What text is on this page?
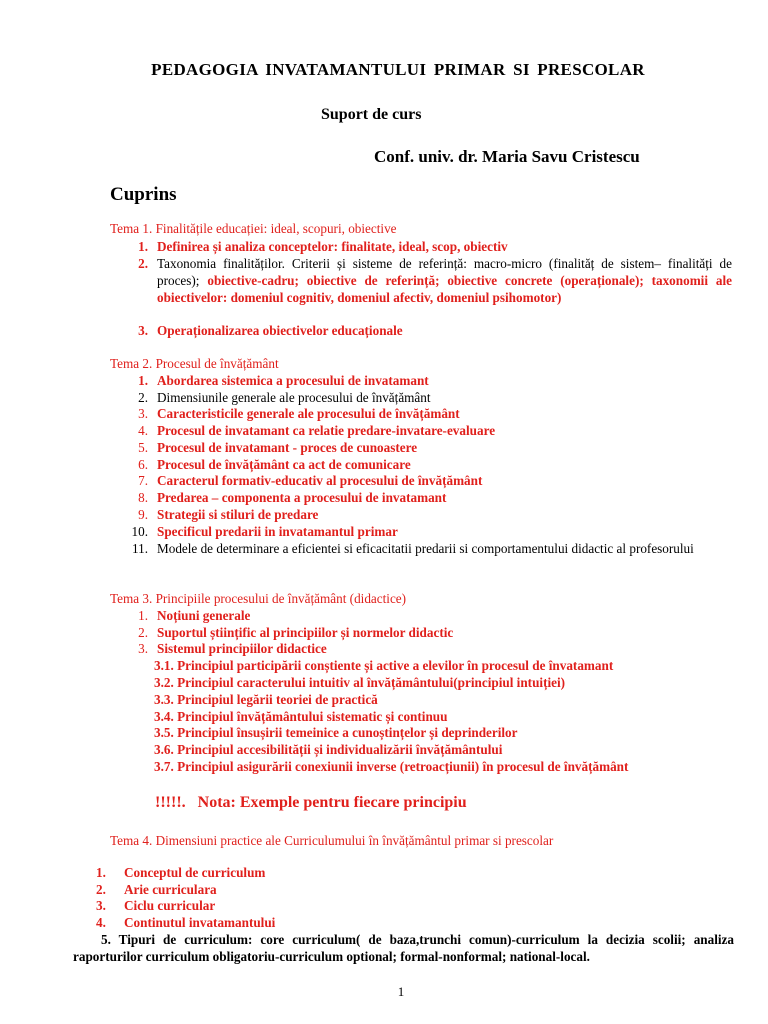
PEDAGOGIA INVATAMANTULUI PRIMAR SI PRESCOLAR
Suport de curs
Conf. univ. dr. Maria Savu Cristescu
Cuprins
Tema 1. Finalitățile educației: ideal, scopuri, obiective
1. Definirea și analiza conceptelor: finalitate, ideal, scop, obiectiv
2. Taxonomia finalităților. Criterii și sisteme de referință: macro-micro (finalităț de sistem– finalități de proces); obiective-cadru; obiective de referință; obiective concrete (operaționale); taxonomii ale obiectivelor: domeniul cognitiv, domeniul afectiv, domeniul psihomotor)
3. Operaționalizarea obiectivelor educaționale
Tema 2. Procesul de învățământ
1. Abordarea sistemica a procesului de invatamant
2. Dimensiunile generale ale procesului de învățământ
3. Caracteristicile generale ale procesului de învățământ
4. Procesul de invatamant ca relatie predare-invatare-evaluare
5. Procesul de invatamant - proces de cunoastere
6. Procesul de învățământ ca act de comunicare
7. Caracterul formativ-educativ al procesului de învățământ
8. Predarea – componenta a procesului de invatamant
9. Strategii si stiluri de predare
10. Specificul predarii in invatamantul primar
11. Modele de determinare a eficientei si eficacitatii predarii si comportamentului didactic al profesorului
Tema 3. Principiile procesului de învățământ (didactice)
1. Noțiuni generale
2. Suportul științific al principiilor și normelor didactic
3. Sistemul principiilor didactice
3.1. Principiul participării conștiente și active a elevilor în procesul de învatamant
3.2. Principiul caracterului intuitiv al învățământului(principiul intuiției)
3.3. Principiul legării teoriei de practică
3.4. Principiul învățământului sistematic și continuu
3.5. Principiul însușirii temeinice a cunoștințelor și deprinderilor
3.6. Principiul accesibilității și individualizării învățământului
3.7. Principiul asigurării conexiunii inverse (retroacțiunii) în procesul de învățământ
!!!!!. Nota: Exemple pentru fiecare principiu
Tema 4. Dimensiuni practice ale Curriculumului în învățământul primar si prescolar
1. Conceptul de curriculum
2. Arie curriculara
3. Ciclu curricular
4. Continutul invatamantului
5. Tipuri de curriculum: core curriculum( de baza,trunchi comun)-curriculum la decizia scolii; analiza raporturilor curriculum obligatoriu-curriculum optional; formal-nonformal; national-local.
1
